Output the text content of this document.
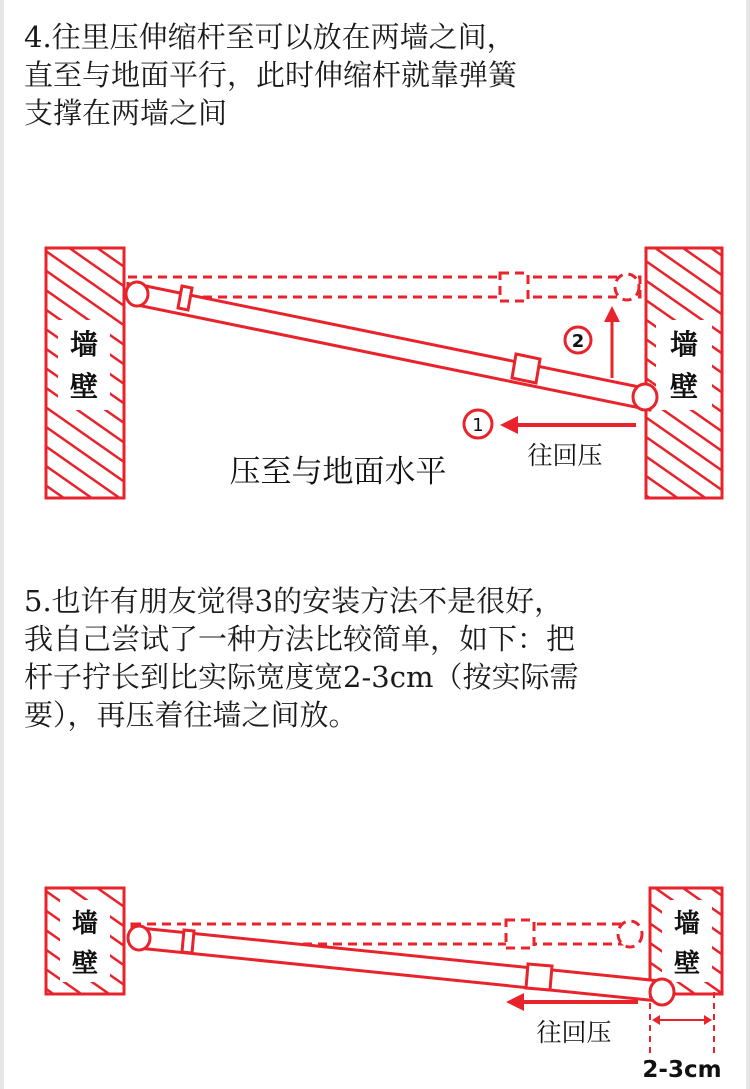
4.往里压伸缩杆至可以放在两墙之间，
直至与地面平行，此时伸缩杆就靠弹簧
支撑在两墙之间
墙
壁
墙
壁
2
1
往回压
压至与地面水平
5.也许有朋友觉得3的安装方法不是很好，
我自己尝试了一种方法比较简单，如下：把
杆子拧长到比实际宽度宽2-3cm（按实际需
要），再压着往墙之间放。
墙
壁
墙
壁
往回压
2-3cm
